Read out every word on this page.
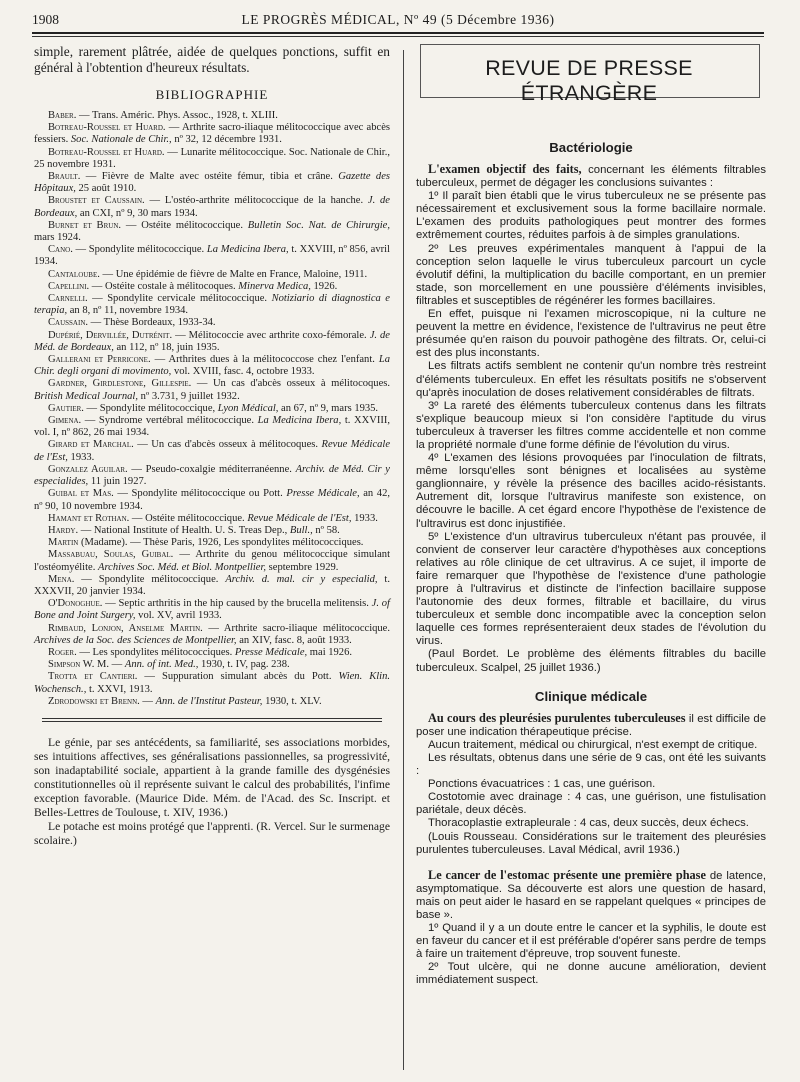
1908	LE PROGRÈS MÉDICAL, Nº 49 (5 Décembre 1936)

simple, rarement plâtrée, aidée de quelques ponctions, suffit en général à l'obtention d'heureux résultats.

BIBLIOGRAPHIE

Baber. — Trans. Améric. Phys. Assoc., 1928, t. XLIII.

Botreau-Roussel et Huard. — Arthrite sacro-iliaque mélitococcique avec abcès fessiers. Soc. Nationale de Chir., nº 32, 12 décembre 1931.

Botreau-Roussel et Huard. — Lunarite mélitococcique. Soc. Nationale de Chir., 25 novembre 1931.

Brault. — Fièvre de Malte avec ostéite fémur, tibia et crâne. Gazette des Hôpitaux, 25 août 1910.

Broustet et Caussain. — L'ostéo-arthrite mélitococcique de la hanche. J. de Bordeaux, an CXI, nº 9, 30 mars 1934.

Burnet et Brun. — Ostéite mélitococcique. Bulletin Soc. Nat. de Chirurgie, mars 1924.

Cano. — Spondylite mélitococcique. La Medicina Ibera, t. XXVIII, nº 856, avril 1934.

Cantaloube. — Une épidémie de fièvre de Malte en France, Maloine, 1911.

Capellini. — Ostéite costale à mélitocoques. Minerva Medica, 1926.

Carnelli. — Spondylite cervicale mélitococcique. Notiziario di diagnostica e terapia, an 8, nº 11, novembre 1934.

Caussain. — Thèse Bordeaux, 1933-34.

Dupérié, Dervillée, Dutrénit. — Mélitococcie avec arthrite coxo-fémorale. J. de Méd. de Bordeaux, an 112, nº 18, juin 1935.

Gallerani et Perricone. — Arthrites dues à la mélitococcose chez l'enfant. La Chir. degli organi di movimento, vol. XVIII, fasc. 4, octobre 1933.

Gardner, Girdlestone, Gillespie. — Un cas d'abcès osseux à mélitocoques. British Medical Journal, nº 3.731, 9 juillet 1932.

Gautier. — Spondylite mélitococcique, Lyon Médical, an 67, nº 9, mars 1935.

Gimena. — Syndrome vertébral mélitococcique. La Medicina Ibera, t. XXVIII, vol. I, nº 862, 26 mai 1934.

Girard et Marchal. — Un cas d'abcès osseux à mélitocoques. Revue Médicale de l'Est, 1933.

Gonzalez Aguilar. — Pseudo-coxalgie méditerranéenne. Archiv. de Méd. Cir y especialides, 11 juin 1927.

Guibal et Mas. — Spondylite mélitococcique ou Pott. Presse Médicale, an 42, nº 90, 10 novembre 1934.

Hamant et Rothan. — Ostéite mélitococcique. Revue Médicale de l'Est, 1933.

Hardy. — National Institute of Health. U. S. Treas Dep., Bull., nº 58.

Martin (Madame). — Thèse Paris, 1926, Les spondylites mélitococciques.

Massabuau, Soulas, Guibal. — Arthrite du genou mélitococcique simulant l'ostéomyélite. Archives Soc. Méd. et Biol. Montpellier, septembre 1929.

Mena. — Spondylite mélitococcique. Archiv. d. mal. cir y especialid, t. XXXVII, 20 janvier 1934.

O'Donoghue. — Septic arthritis in the hip caused by the brucella melitensis. J. of Bone and Joint Surgery, vol. XV, avril 1933.

Rimbaud, Lonjon, Anselme Martin. — Arthrite sacro-iliaque mélitococcique. Archives de la Soc. des Sciences de Montpellier, an XIV, fasc. 8, août 1933.

Roger. — Les spondylites mélitococciques. Presse Médicale, mai 1926.

Simpson W. M. — Ann. of int. Med., 1930, t. IV, pag. 238.

Trotta et Cantieri. — Suppuration simulant abcès du Pott. Wien. Klin. Wochensch., t. XXVI, 1913.

Zdrodowski et Brenn. — Ann. de l'Institut Pasteur, 1930, t. XLV.

Le génie, par ses antécédents, sa familiarité, ses associations morbides, ses intuitions affectives, ses généralisations passionnelles, sa progressivité, son inadaptabilité sociale, appartient à la grande famille des dysgénésies constitutionnelles où il représente suivant le calcul des probabilités, l'infime exception favorable. (Maurice Dide. Mém. de l'Acad. des Sc. Inscript. et Belles-Lettres de Toulouse, t. XIV, 1936.)

Le potache est moins protégé que l'apprenti. (R. Vercel. Sur le surmenage scolaire.)

REVUE DE PRESSE ÉTRANGÈRE
Bactériologie

L'examen objectif des faits, concernant les éléments filtrables tuberculeux, permet de dégager les conclusions suivantes :

1º Il paraît bien établi que le virus tuberculeux ne se présente pas nécessairement et exclusivement sous la forme bacillaire normale. L'examen des produits pathologiques peut montrer des formes extrêmement courtes, réduites parfois à de simples granulations.

2º Les preuves expérimentales manquent à l'appui de la conception selon laquelle le virus tuberculeux parcourt un cycle évolutif défini, la multiplication du bacille comportant, en un premier stade, son morcellement en une poussière d'éléments invisibles, filtrables et susceptibles de régénérer les formes bacillaires.

En effet, puisque ni l'examen microscopique, ni la culture ne peuvent la mettre en évidence, l'existence de l'ultravirus ne peut être présumée qu'en raison du pouvoir pathogène des filtrats. Or, celui-ci est des plus inconstants.

Les filtrats actifs semblent ne contenir qu'un nombre très restreint d'éléments tuberculeux. En effet les résultats positifs ne s'observent qu'après inoculation de doses relativement considérables de filtrats.

3º La rareté des éléments tuberculeux contenus dans les filtrats s'explique beaucoup mieux si l'on considère l'aptitude du virus tuberculeux à traverser les filtres comme accidentelle et non comme la propriété normale d'une forme définie de l'évolution du virus.

4º L'examen des lésions provoquées par l'inoculation de filtrats, même lorsqu'elles sont bénignes et localisées au système ganglionnaire, y révèle la présence des bacilles acido-résistants. Autrement dit, lorsque l'ultravirus manifeste son existence, on découvre le bacille. A cet égard encore l'hypothèse de l'existence de l'ultravirus est donc injustifiée.

5º L'existence d'un ultravirus tuberculeux n'étant pas prouvée, il convient de conserver leur caractère d'hypothèses aux conceptions relatives au rôle clinique de cet ultravirus. A ce sujet, il importe de faire remarquer que l'hypothèse de l'existence d'une pathologie propre à l'ultravirus et distincte de l'infection bacillaire suppose l'autonomie des deux formes, filtrable et bacillaire, du virus tuberculeux et semble donc incompatible avec la conception selon laquelle ces formes représenteraient deux stades de l'évolution du virus.

(Paul Bordet. Le problème des éléments filtrables du bacille tuberculeux. Scalpel, 25 juillet 1936.)

Clinique médicale

Au cours des pleurésies purulentes tuberculeuses il est difficile de poser une indication thérapeutique précise.

Aucun traitement, médical ou chirurgical, n'est exempt de critique.

Les résultats, obtenus dans une série de 9 cas, ont été les suivants :

Ponctions évacuatrices : 1 cas, une guérison.

Costotomie avec drainage : 4 cas, une guérison, une fistulisation pariétale, deux décès.

Thoracoplastie extrapleurale : 4 cas, deux succès, deux échecs.

(Louis Rousseau. Considérations sur le traitement des pleurésies purulentes tuberculeuses. Laval Médical, avril 1936.)

Le cancer de l'estomac présente une première phase de latence, asymptomatique. Sa découverte est alors une question de hasard, mais on peut aider le hasard en se rappelant quelques « principes de base ».

1º Quand il y a un doute entre le cancer et la syphilis, le doute est en faveur du cancer et il est préférable d'opérer sans perdre de temps à faire un traitement d'épreuve, trop souvent funeste.

2º Tout ulcère, qui ne donne aucune amélioration, devient immédiatement suspect.
